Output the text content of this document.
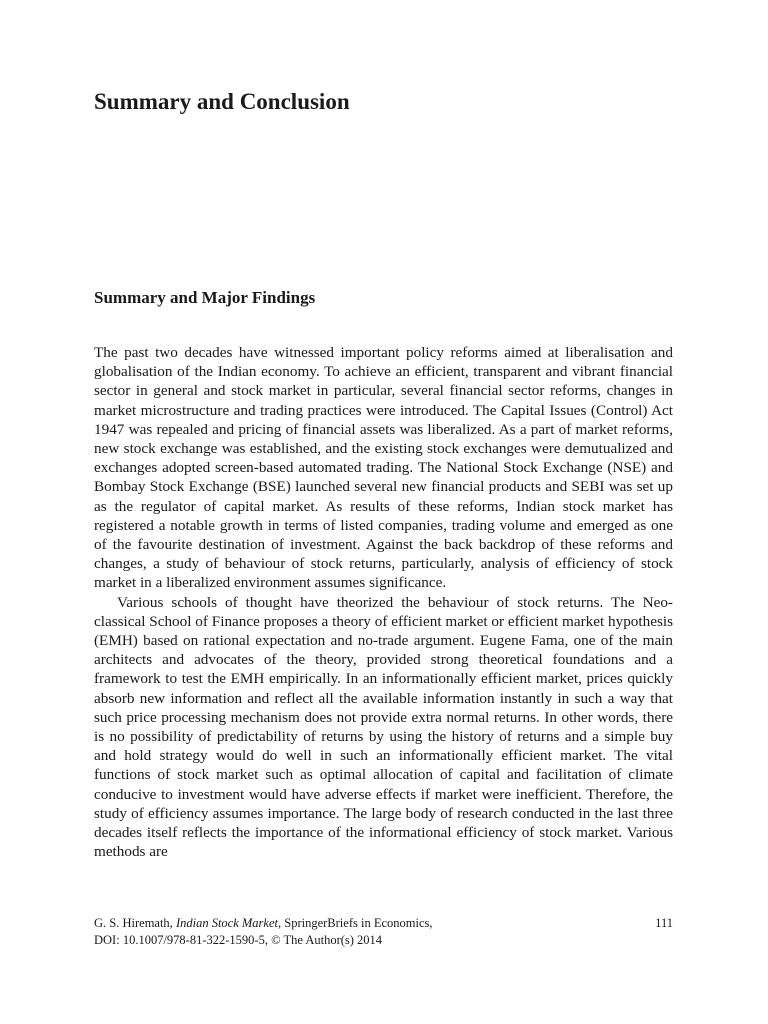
Summary and Conclusion
Summary and Major Findings

The past two decades have witnessed important policy reforms aimed at liberalisation and globalisation of the Indian economy. To achieve an efficient, transparent and vibrant financial sector in general and stock market in particular, several financial sector reforms, changes in market microstructure and trading practices were introduced. The Capital Issues (Control) Act 1947 was repealed and pricing of financial assets was liberalized. As a part of market reforms, new stock exchange was established, and the existing stock exchanges were demutualized and exchanges adopted screen-based automated trading. The National Stock Exchange (NSE) and Bombay Stock Exchange (BSE) launched several new financial products and SEBI was set up as the regulator of capital market. As results of these reforms, Indian stock market has registered a notable growth in terms of listed companies, trading volume and emerged as one of the favourite destination of investment. Against the back backdrop of these reforms and changes, a study of behaviour of stock returns, particularly, analysis of efficiency of stock market in a liberalized environment assumes significance.

Various schools of thought have theorized the behaviour of stock returns. The Neo-classical School of Finance proposes a theory of efficient market or efficient market hypothesis (EMH) based on rational expectation and no-trade argument. Eugene Fama, one of the main architects and advocates of the theory, provided strong theoretical foundations and a framework to test the EMH empirically. In an informationally efficient market, prices quickly absorb new information and reflect all the available information instantly in such a way that such price processing mechanism does not provide extra normal returns. In other words, there is no possibility of predictability of returns by using the history of returns and a simple buy and hold strategy would do well in such an informationally efficient market. The vital functions of stock market such as optimal allocation of capital and facilitation of climate conducive to investment would have adverse effects if market were inefficient. Therefore, the study of efficiency assumes importance. The large body of research conducted in the last three decades itself reflects the importance of the informational efficiency of stock market. Various methods are

G. S. Hiremath, Indian Stock Market, SpringerBriefs in Economics,	111
DOI: 10.1007/978-81-322-1590-5, © The Author(s) 2014
